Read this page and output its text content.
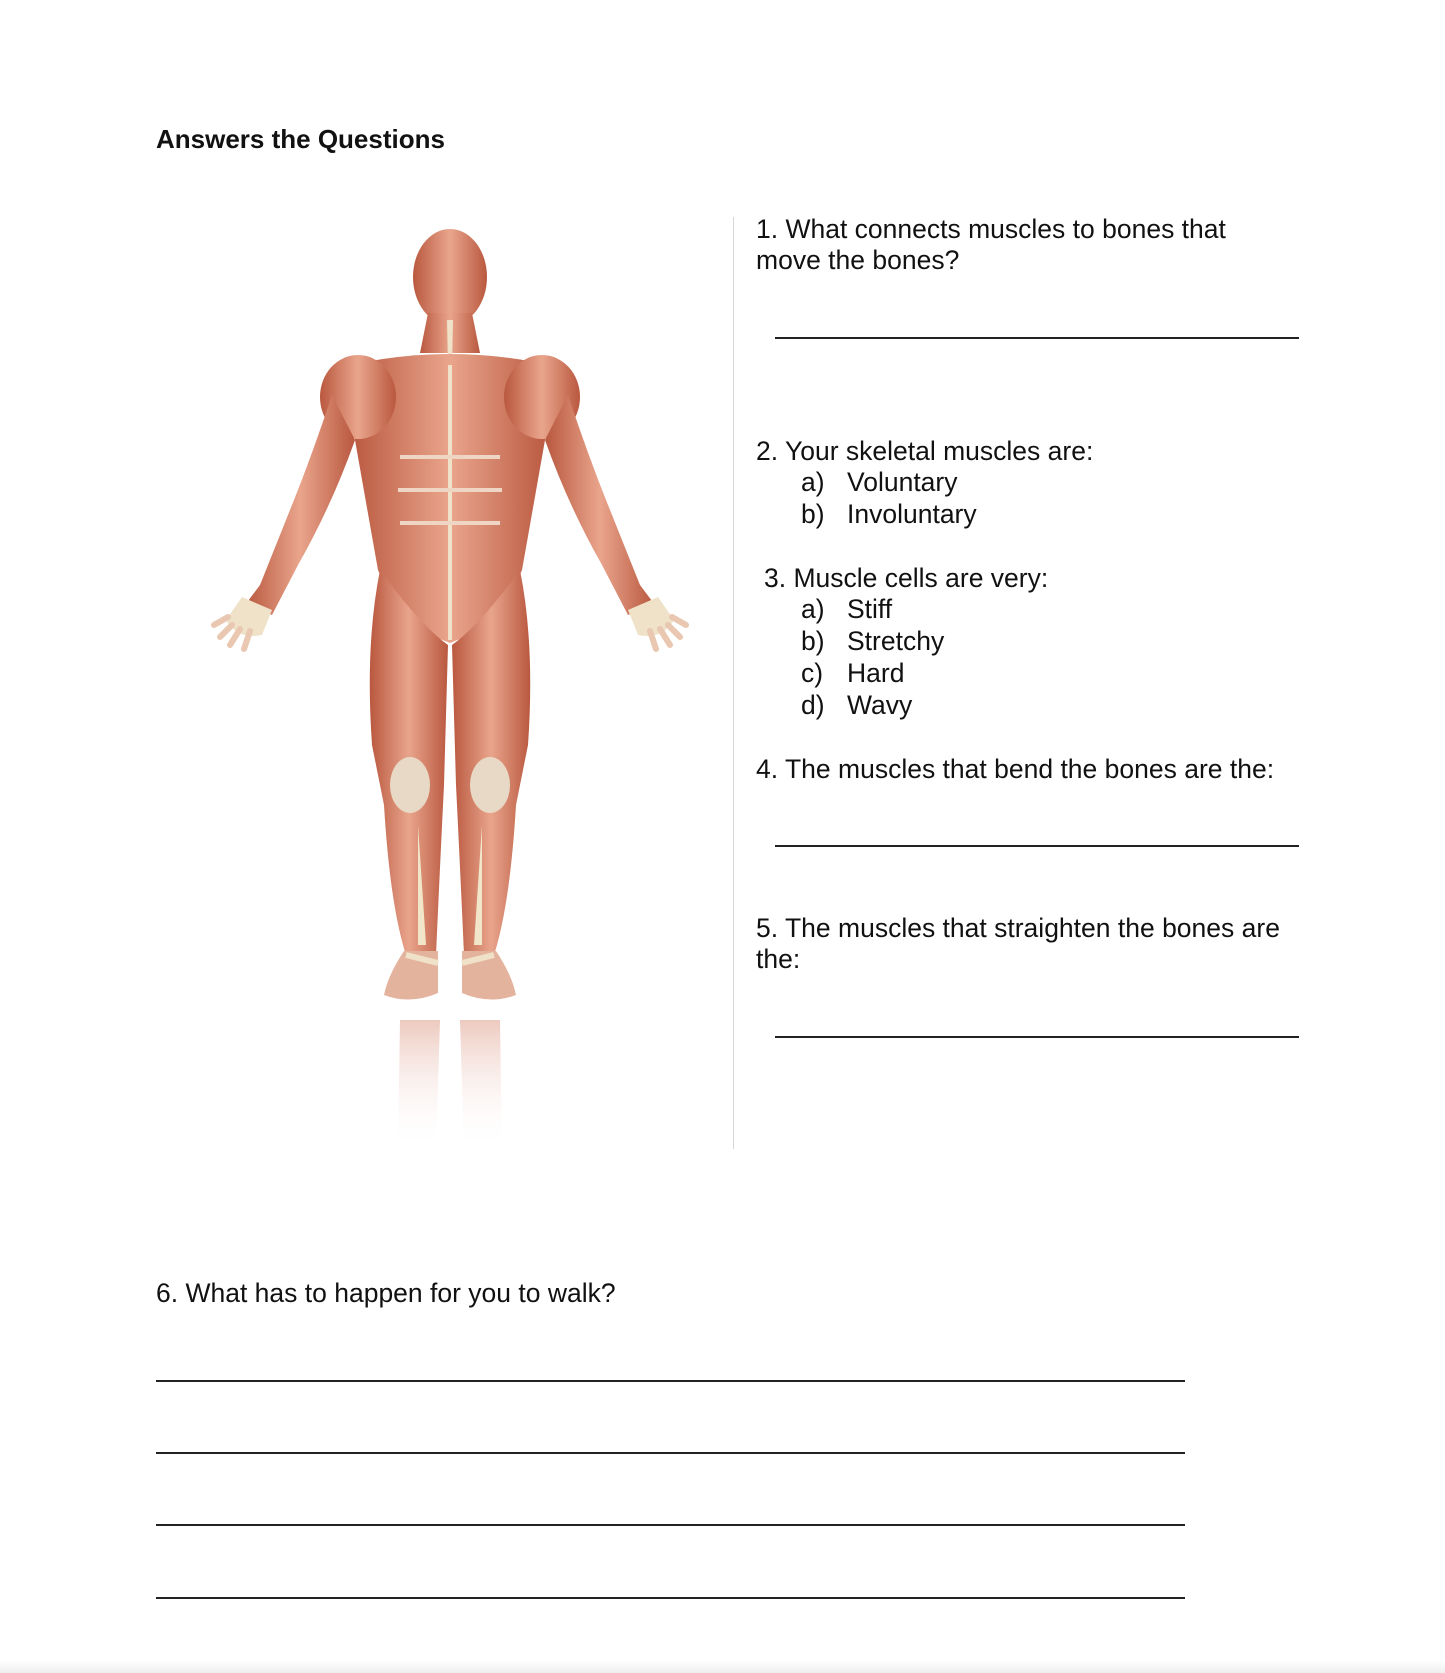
Answers the Questions

1. What connects muscles to bones that move the bones?

2. Your skeletal muscles are:

a) Voluntary
b) Involuntary

3. Muscle cells are very:

a) Stiff
b) Stretchy
c) Hard
d) Wavy

4. The muscles that bend the bones are the:

5. The muscles that straighten the bones are the:

6. What has to happen for you to walk?
